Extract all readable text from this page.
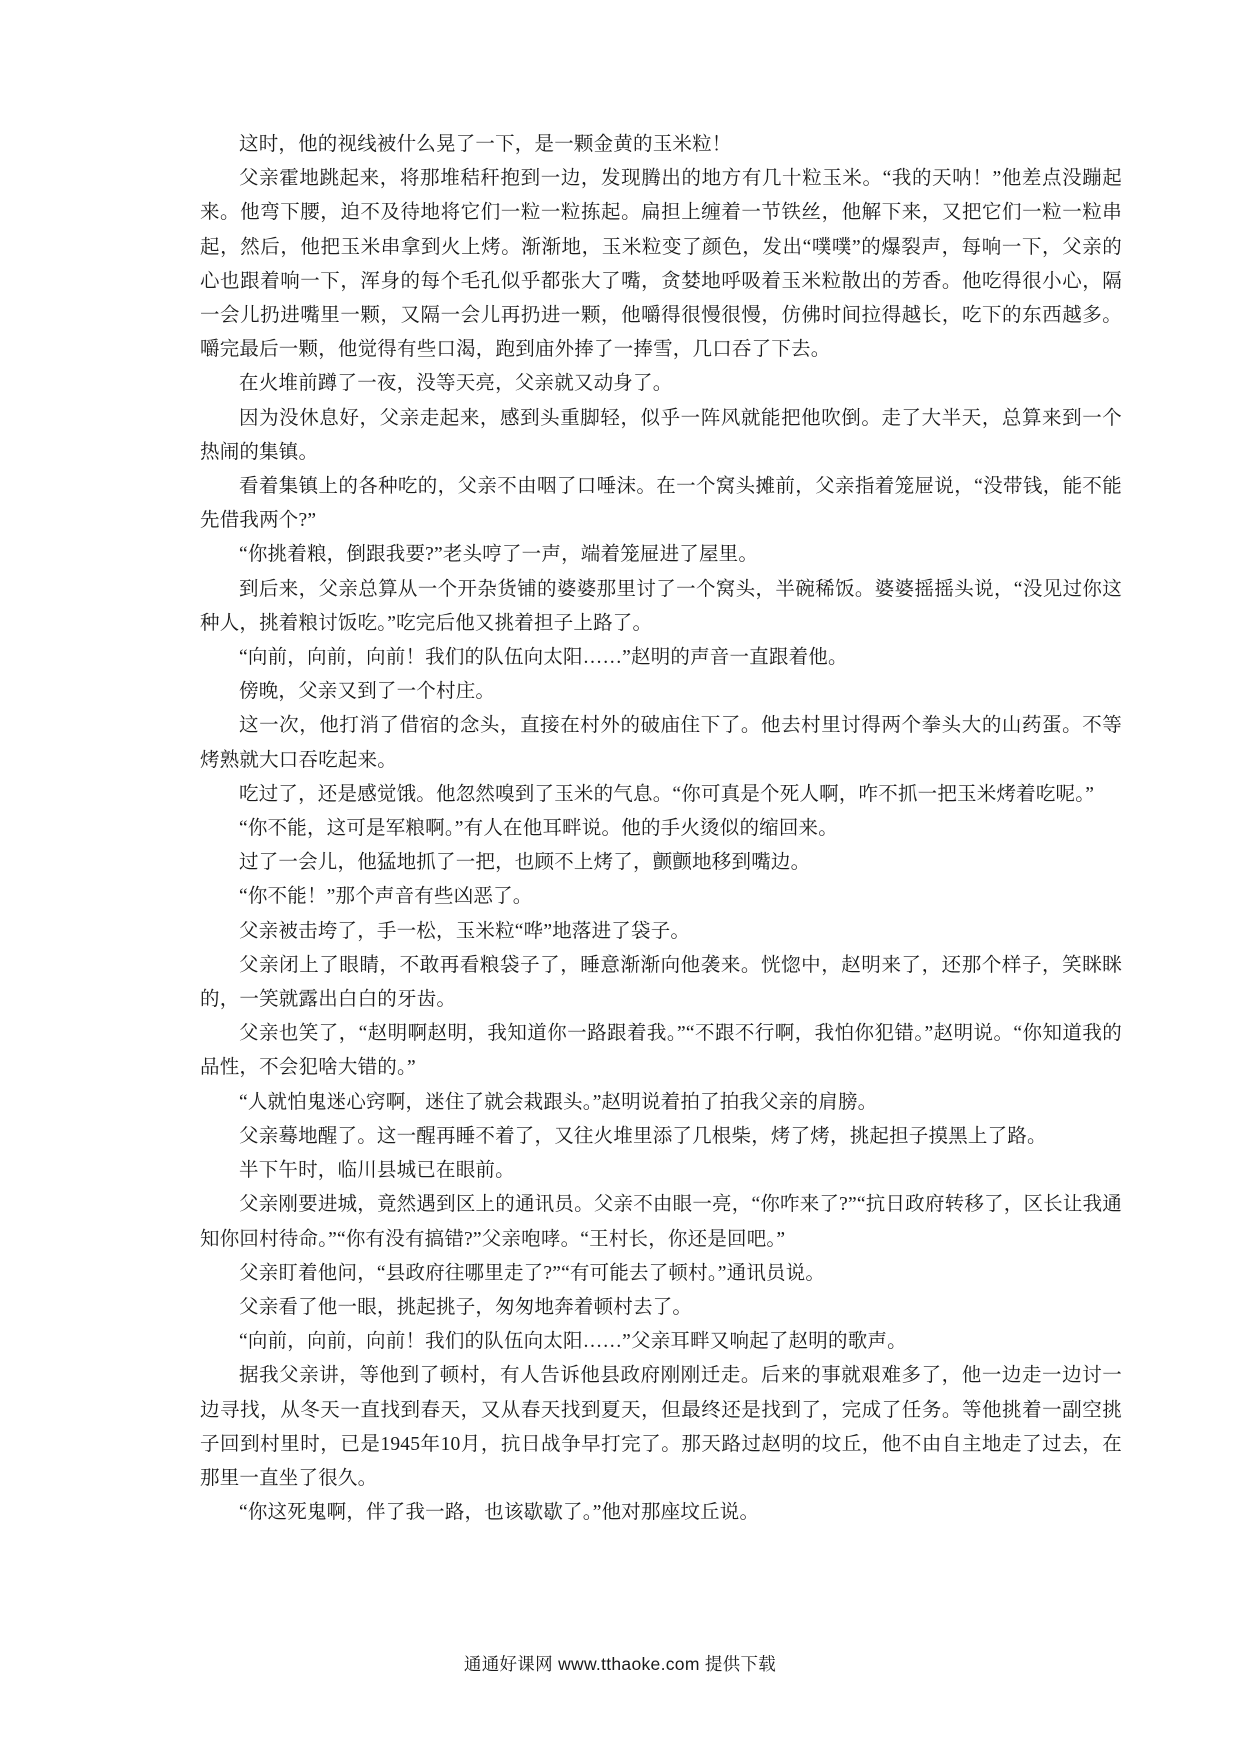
这时，他的视线被什么晃了一下，是一颗金黄的玉米粒！

父亲霍地跳起来，将那堆秸秆抱到一边，发现腾出的地方有几十粒玉米。“我的天呐！”他差点没蹦起来。他弯下腰，迫不及待地将它们一粒一粒拣起。扁担上缠着一节铁丝，他解下来，又把它们一粒一粒串起，然后，他把玉米串拿到火上烤。渐渐地，玉米粒变了颜色，发出“噗噗”的爆裂声，每响一下，父亲的心也跟着响一下，浑身的每个毛孔似乎都张大了嘴，贪婪地呼吸着玉米粒散出的芳香。他吃得很小心，隔一会儿扔进嘴里一颗，又隔一会儿再扔进一颗，他嚼得很慢很慢，仿佛时间拉得越长，吃下的东西越多。嚼完最后一颗，他觉得有些口渴，跑到庙外捧了一捧雪，几口吞了下去。

在火堆前蹲了一夜，没等天亮，父亲就又动身了。

因为没休息好，父亲走起来，感到头重脚轻，似乎一阵风就能把他吹倒。走了大半天，总算来到一个热闹的集镇。

看着集镇上的各种吃的，父亲不由咽了口唾沫。在一个窝头摊前，父亲指着笼屉说，“没带钱，能不能先借我两个?”

“你挑着粮，倒跟我要?”老头哼了一声，端着笼屉进了屋里。

到后来，父亲总算从一个开杂货铺的婆婆那里讨了一个窝头，半碗稀饭。婆婆摇摇头说，“没见过你这种人，挑着粮讨饭吃。”吃完后他又挑着担子上路了。

“向前，向前，向前！我们的队伍向太阳……”赵明的声音一直跟着他。

傍晚，父亲又到了一个村庄。

这一次，他打消了借宿的念头，直接在村外的破庙住下了。他去村里讨得两个拳头大的山药蛋。不等烤熟就大口吞吃起来。

吃过了，还是感觉饿。他忽然嗅到了玉米的气息。“你可真是个死人啊，咋不抓一把玉米烤着吃呢。”

“你不能，这可是军粮啊。”有人在他耳畔说。他的手火烫似的缩回来。

过了一会儿，他猛地抓了一把，也顾不上烤了，颤颤地移到嘴边。

“你不能！”那个声音有些凶恶了。

父亲被击垮了，手一松，玉米粒“哗”地落进了袋子。

父亲闭上了眼睛，不敢再看粮袋子了，睡意渐渐向他袭来。恍惚中，赵明来了，还那个样子，笑眯眯的，一笑就露出白白的牙齿。

父亲也笑了，“赵明啊赵明，我知道你一路跟着我。”“不跟不行啊，我怕你犯错。”赵明说。“你知道我的品性，不会犯啥大错的。”

“人就怕鬼迷心窍啊，迷住了就会栽跟头。”赵明说着拍了拍我父亲的肩膀。

父亲蓦地醒了。这一醒再睡不着了，又往火堆里添了几根柴，烤了烤，挑起担子摸黑上了路。

半下午时，临川县城已在眼前。

父亲刚要进城，竟然遇到区上的通讯员。父亲不由眼一亮，“你咋来了?”“抗日政府转移了，区长让我通知你回村待命。”“你有没有搞错?”父亲咆哮。“王村长，你还是回吧。”

父亲盯着他问，“县政府往哪里走了?”“有可能去了顿村。”通讯员说。

父亲看了他一眼，挑起挑子，匆匆地奔着顿村去了。

“向前，向前，向前！我们的队伍向太阳……”父亲耳畔又响起了赵明的歌声。

据我父亲讲，等他到了顿村，有人告诉他县政府刚刚迁走。后来的事就艰难多了，他一边走一边讨一边寻找，从冬天一直找到春天，又从春天找到夏天，但最终还是找到了，完成了任务。等他挑着一副空挑子回到村里时，已是1945年10月，抗日战争早打完了。那天路过赵明的坟丘，他不由自主地走了过去，在那里一直坐了很久。

“你这死鬼啊，伴了我一路，也该歇歇了。”他对那座坟丘说。

通通好课网 www.tthaoke.com 提供下载
